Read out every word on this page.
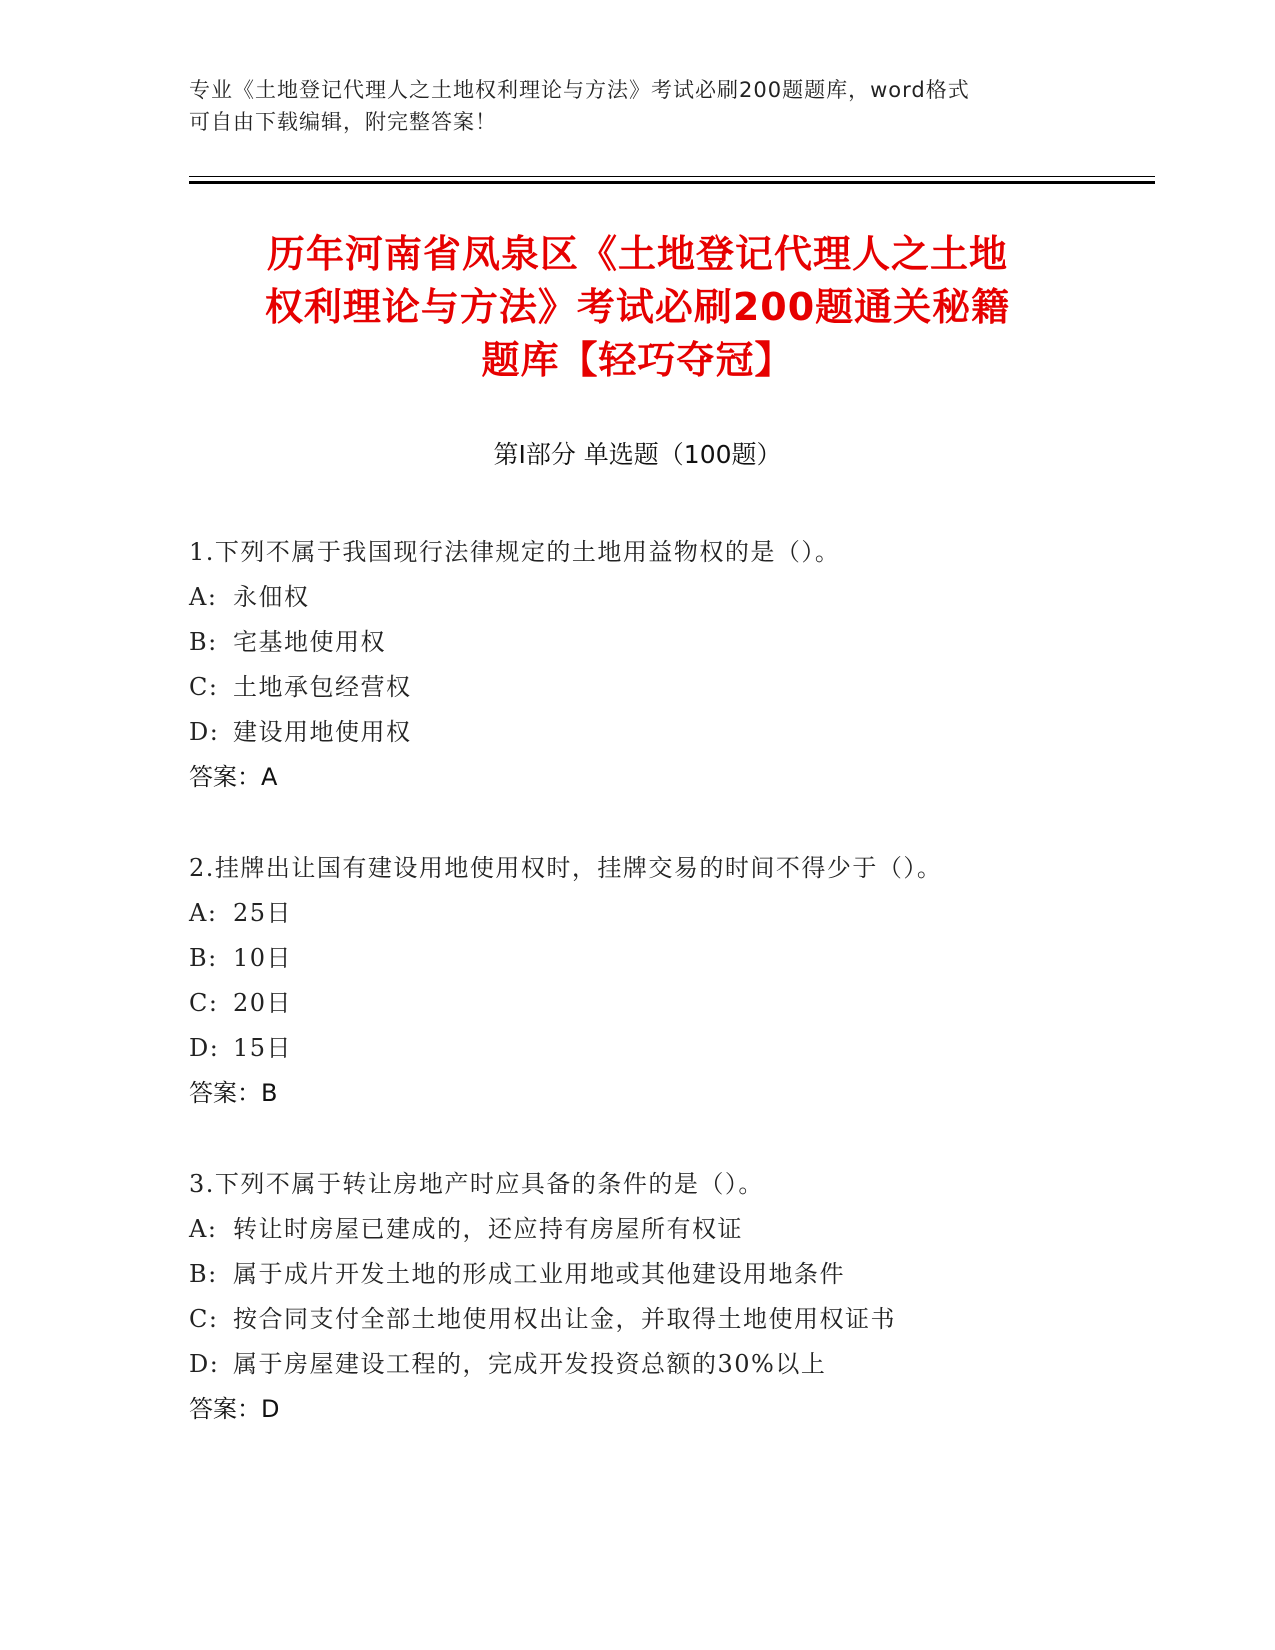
专业《土地登记代理人之土地权利理论与方法》考试必刷200题题库，word格式
可自由下载编辑，附完整答案！
历年河南省凤泉区《土地登记代理人之土地
权利理论与方法》考试必刷200题通关秘籍
题库【轻巧夺冠】
第Ⅰ部分 单选题（100题）
1.下列不属于我国现行法律规定的土地用益物权的是（）。
A: 永佃权
B: 宅基地使用权
C: 土地承包经营权
D: 建设用地使用权
答案：A
2.挂牌出让国有建设用地使用权时，挂牌交易的时间不得少于（）。
A: 25日
B: 10日
C: 20日
D: 15日
答案：B
3.下列不属于转让房地产时应具备的条件的是（）。
A: 转让时房屋已建成的，还应持有房屋所有权证
B: 属于成片开发土地的形成工业用地或其他建设用地条件
C: 按合同支付全部土地使用权出让金，并取得土地使用权证书
D: 属于房屋建设工程的，完成开发投资总额的30%以上
答案：D
